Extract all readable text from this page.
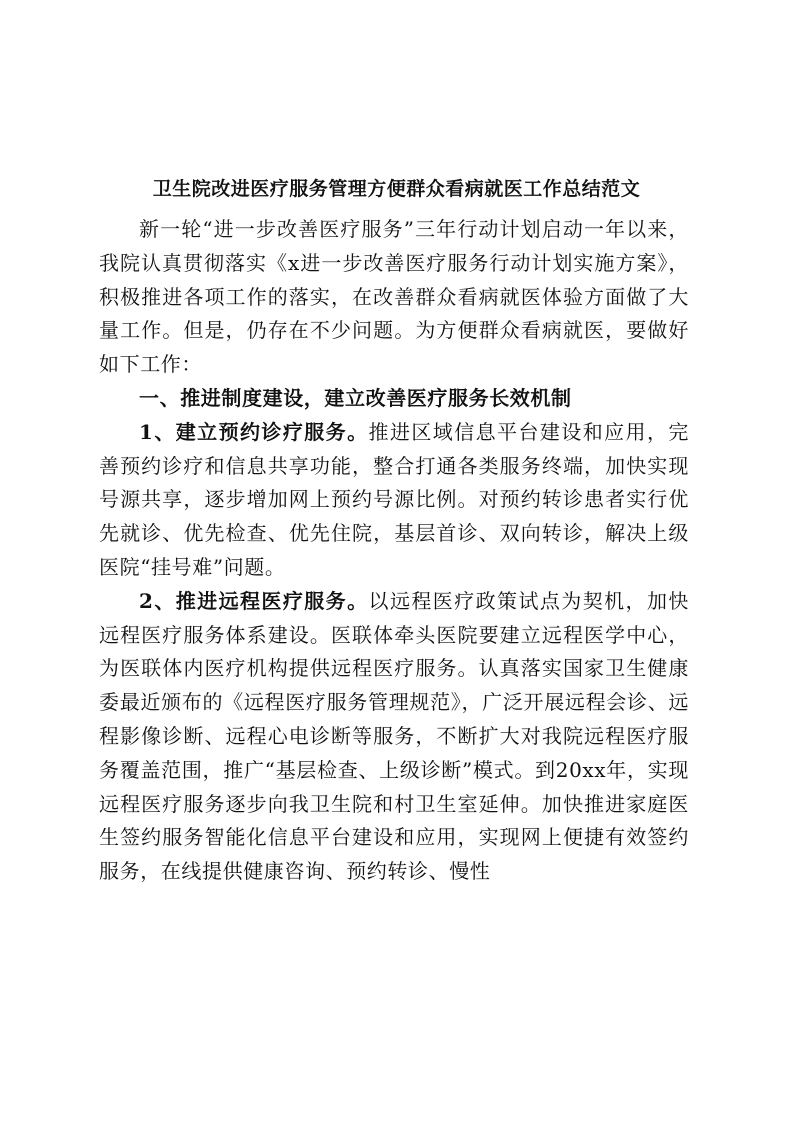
卫生院改进医疗服务管理方便群众看病就医工作总结范文

新一轮“进一步改善医疗服务”三年行动计划启动一年以来，我院认真贯彻落实《x进一步改善医疗服务行动计划实施方案》，积极推进各项工作的落实，在改善群众看病就医体验方面做了大量工作。但是，仍存在不少问题。为方便群众看病就医，要做好如下工作：

一、推进制度建设，建立改善医疗服务长效机制

1、建立预约诊疗服务。推进区域信息平台建设和应用，完善预约诊疗和信息共享功能，整合打通各类服务终端，加快实现号源共享，逐步增加网上预约号源比例。对预约转诊患者实行优先就诊、优先检查、优先住院，基层首诊、双向转诊，解决上级医院“挂号难”问题。

2、推进远程医疗服务。以远程医疗政策试点为契机，加快远程医疗服务体系建设。医联体牵头医院要建立远程医学中心，为医联体内医疗机构提供远程医疗服务。认真落实国家卫生健康委最近颁布的《远程医疗服务管理规范》，广泛开展远程会诊、远程影像诊断、远程心电诊断等服务，不断扩大对我院远程医疗服务覆盖范围，推广“基层检查、上级诊断”模式。到20xx年，实现远程医疗服务逐步向我卫生院和村卫生室延伸。加快推进家庭医生签约服务智能化信息平台建设和应用，实现网上便捷有效签约服务，在线提供健康咨询、预约转诊、慢性
